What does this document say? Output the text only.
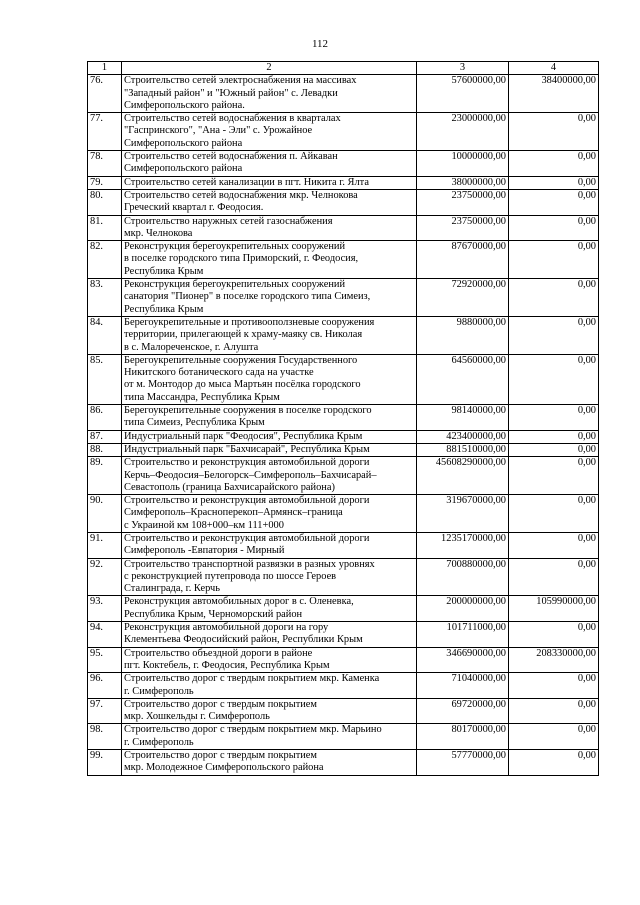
112
1	2	3	4
76.	Строительство сетей электроснабжения на массивах
"Западный район" и "Южный район" с. Левадки
Симферопольского района.	57600000,00	38400000,00
77.	Строительство сетей водоснабжения в кварталах
"Гаспринского", "Ана - Эли" с. Урожайное
Симферопольского района	23000000,00	0,00
78.	Строительство сетей водоснабжения п. Айкаван
Симферопольского района	10000000,00	0,00
79.	Строительство сетей канализации в пгт. Никита г. Ялта	38000000,00	0,00
80.	Строительство сетей водоснабжения мкр. Челнокова
Греческий квартал г. Феодосия.	23750000,00	0,00
81.	Строительство наружных сетей газоснабжения
мкр. Челнокова	23750000,00	0,00
82.	Реконструкция берегоукрепительных сооружений
в поселке городского типа Приморский, г. Феодосия,
Республика Крым	87670000,00	0,00
83.	Реконструкция берегоукрепительных сооружений
санатория "Пионер" в поселке городского типа Симеиз,
Республика Крым	72920000,00	0,00
84.	Берегоукрепительные и противооползневые сооружения
территории, прилегающей к храму-маяку св. Николая
в с. Малореченское, г. Алушта	9880000,00	0,00
85.	Берегоукрепительные сооружения Государственного
Никитского ботанического сада на участке
от м. Монтодор до мыса Мартьян посёлка городского
типа Массандра, Республика Крым	64560000,00	0,00
86.	Берегоукрепительные сооружения в поселке городского
типа Симеиз, Республика Крым	98140000,00	0,00
87.	Индустриальный парк "Феодосия", Республика Крым	423400000,00	0,00
88.	Индустриальный парк "Бахчисарай", Республика Крым	881510000,00	0,00
89.	Строительство и реконструкция автомобильной дороги
Керчь–Феодосия–Белогорск–Симферополь–Бахчисарай–
Севастополь (граница Бахчисарайского района)	45608290000,00	0,00
90.	Строительство и реконструкция автомобильной дороги
Симферополь–Красноперекоп–Армянск–граница
с Украиной км 108+000–км 111+000	319670000,00	0,00
91.	Строительство и реконструкция автомобильной дороги
Симферополь -Евпатория - Мирный	1235170000,00	0,00
92.	Строительство транспортной развязки в разных уровнях
с реконструкцией путепровода по шоссе Героев
Сталинграда, г. Керчь	700880000,00	0,00
93.	Реконструкция автомобильных дорог в с. Оленевка,
Республика Крым, Черноморский район	200000000,00	105990000,00
94.	Реконструкция автомобильной дороги на гору
Клементьева Феодосийский район, Республики Крым	101711000,00	0,00
95.	Строительство объездной дороги в районе
пгт. Коктебель, г. Феодосия, Республика Крым	346690000,00	208330000,00
96.	Строительство дорог с твердым покрытием мкр. Каменка
г. Симферополь	71040000,00	0,00
97.	Строительство дорог с твердым покрытием
мкр. Хошкельды г. Симферополь	69720000,00	0,00
98.	Строительство дорог с твердым покрытием мкр. Марьино
г. Симферополь	80170000,00	0,00
99.	Строительство дорог с твердым покрытием
мкр. Молодежное Симферопольского района	57770000,00	0,00
